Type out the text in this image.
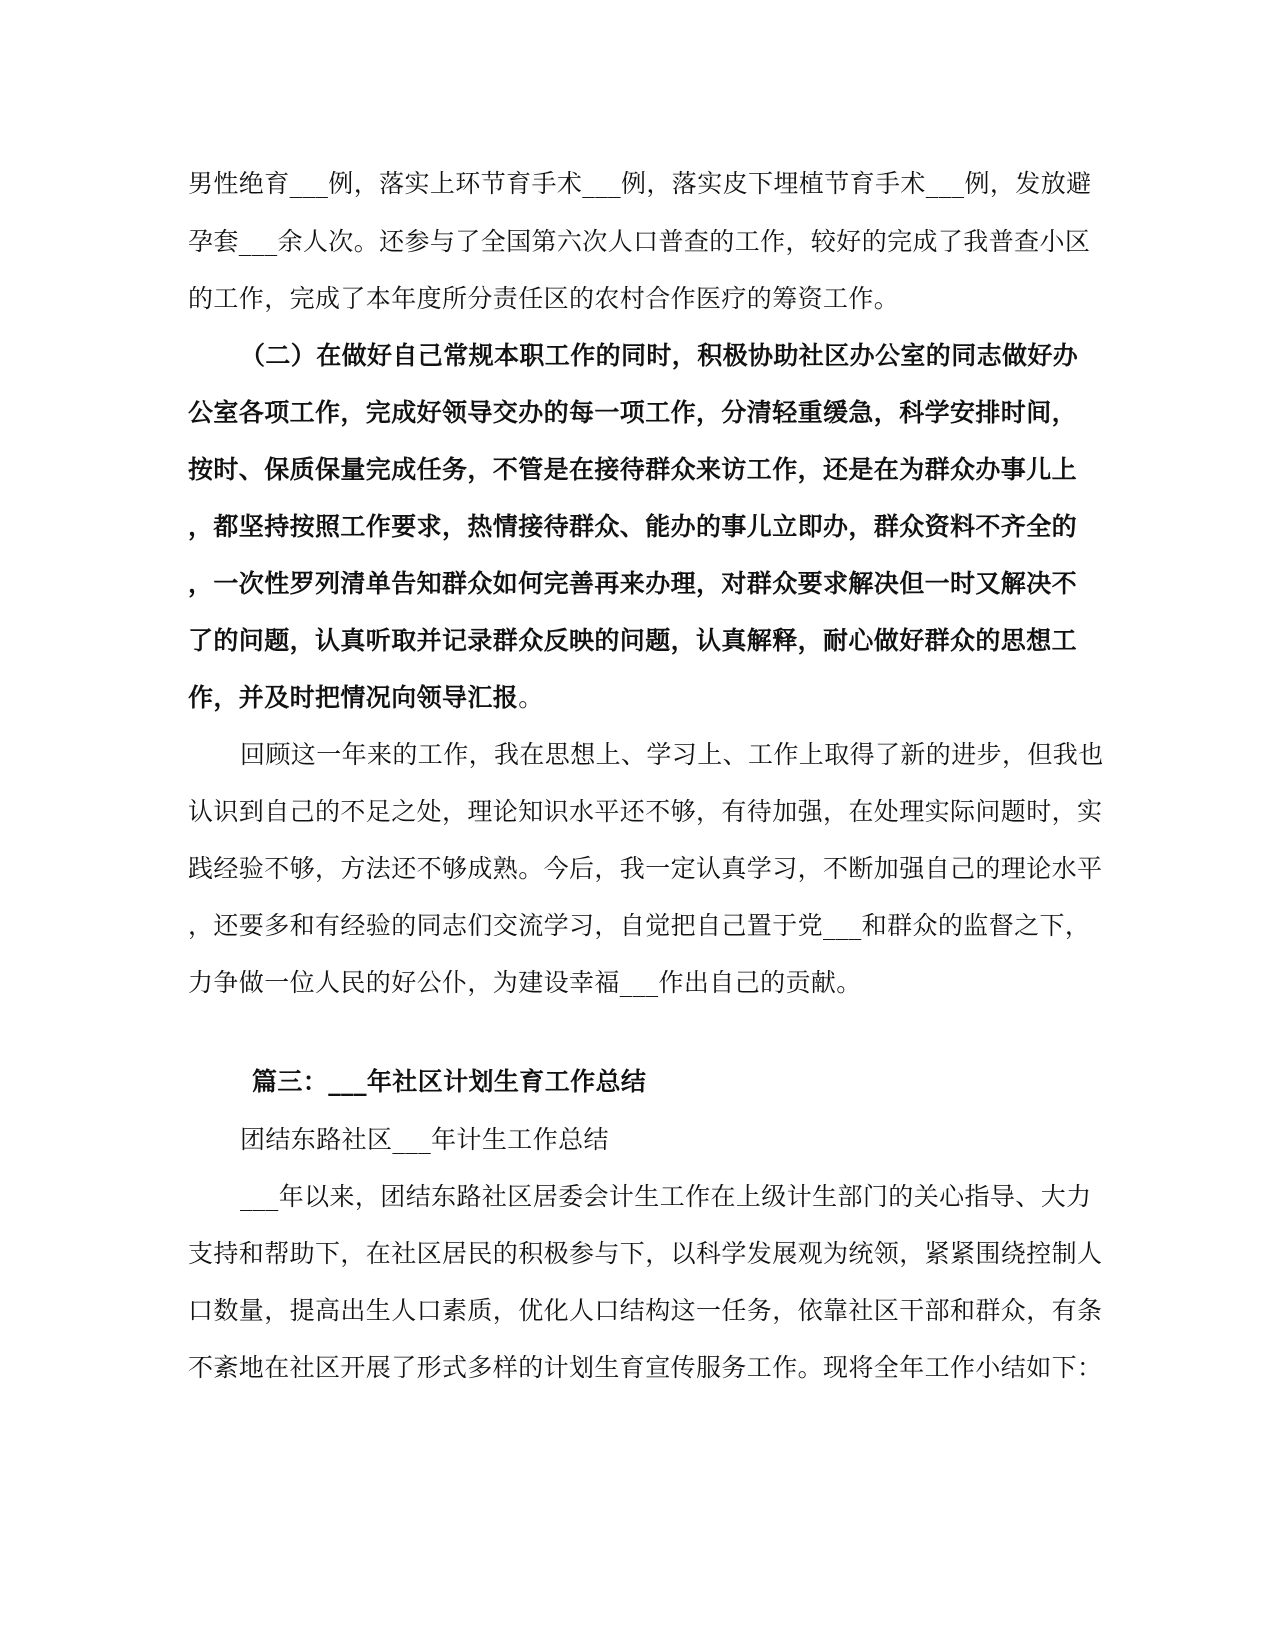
男性绝育___例，落实上环节育手术___例，落实皮下埋植节育手术___例，发放避
孕套___余人次。还参与了全国第六次人口普查的工作，较好的完成了我普查小区
的工作，完成了本年度所分责任区的农村合作医疗的筹资工作。
（二）在做好自己常规本职工作的同时，积极协助社区办公室的同志做好办
公室各项工作，完成好领导交办的每一项工作，分清轻重缓急，科学安排时间，
按时、保质保量完成任务，不管是在接待群众来访工作，还是在为群众办事儿上
，都坚持按照工作要求，热情接待群众、能办的事儿立即办，群众资料不齐全的
，一次性罗列清单告知群众如何完善再来办理，对群众要求解决但一时又解决不
了的问题，认真听取并记录群众反映的问题，认真解释，耐心做好群众的思想工
作，并及时把情况向领导汇报。
回顾这一年来的工作，我在思想上、学习上、工作上取得了新的进步，但我也
认识到自己的不足之处，理论知识水平还不够，有待加强，在处理实际问题时，实
践经验不够，方法还不够成熟。今后，我一定认真学习，不断加强自己的理论水平
，还要多和有经验的同志们交流学习，自觉把自己置于党___和群众的监督之下，
力争做一位人民的好公仆，为建设幸福___作出自己的贡献。
篇三：___年社区计划生育工作总结
团结东路社区___年计生工作总结
___年以来，团结东路社区居委会计生工作在上级计生部门的关心指导、大力
支持和帮助下，在社区居民的积极参与下，以科学发展观为统领，紧紧围绕控制人
口数量，提高出生人口素质，优化人口结构这一任务，依靠社区干部和群众，有条
不紊地在社区开展了形式多样的计划生育宣传服务工作。现将全年工作小结如下：
